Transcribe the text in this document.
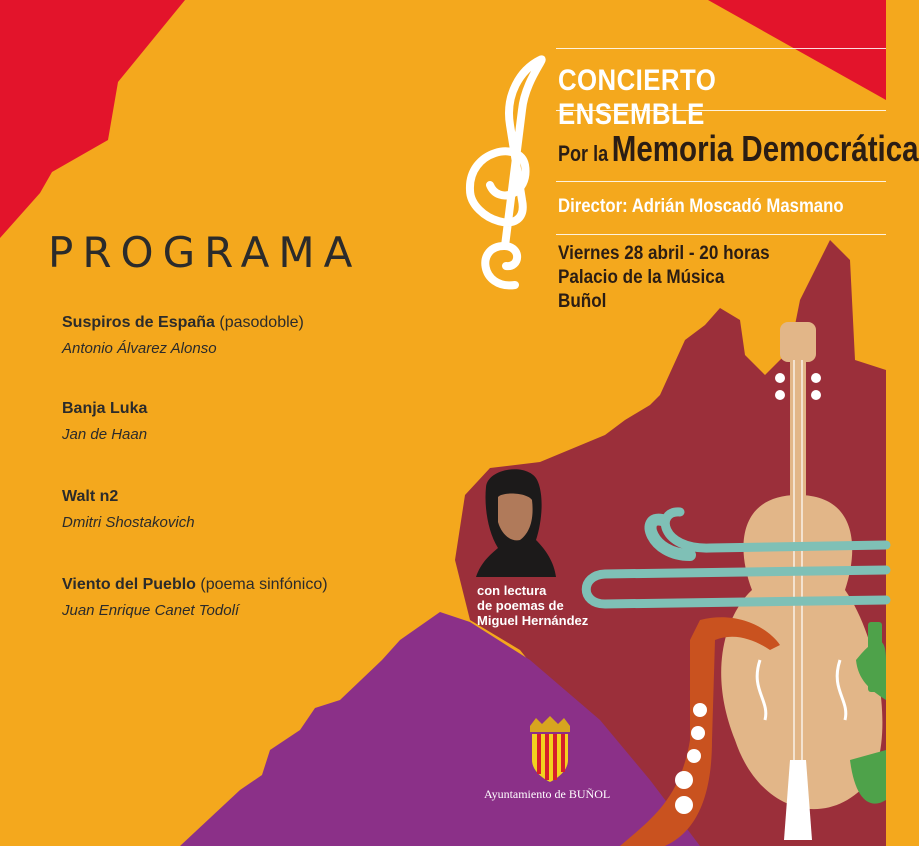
CONCIERTO ENSEMBLE
Por la Memoria Democrática
Director: Adrián Moscadó Masmano
Viernes 28 abril - 20 horas
Palacio de la Música
Buñol
PROGRAMA
Suspiros de España (pasodoble)
Antonio Álvarez Alonso
Banja Luka
Jan de Haan
Walt n2
Dmitri Shostakovich
Viento del Pueblo (poema sinfónico)
Juan Enrique Canet Todolí
con lectura
de poemas de
Miguel Hernández
Ayuntamiento de BUÑOL
